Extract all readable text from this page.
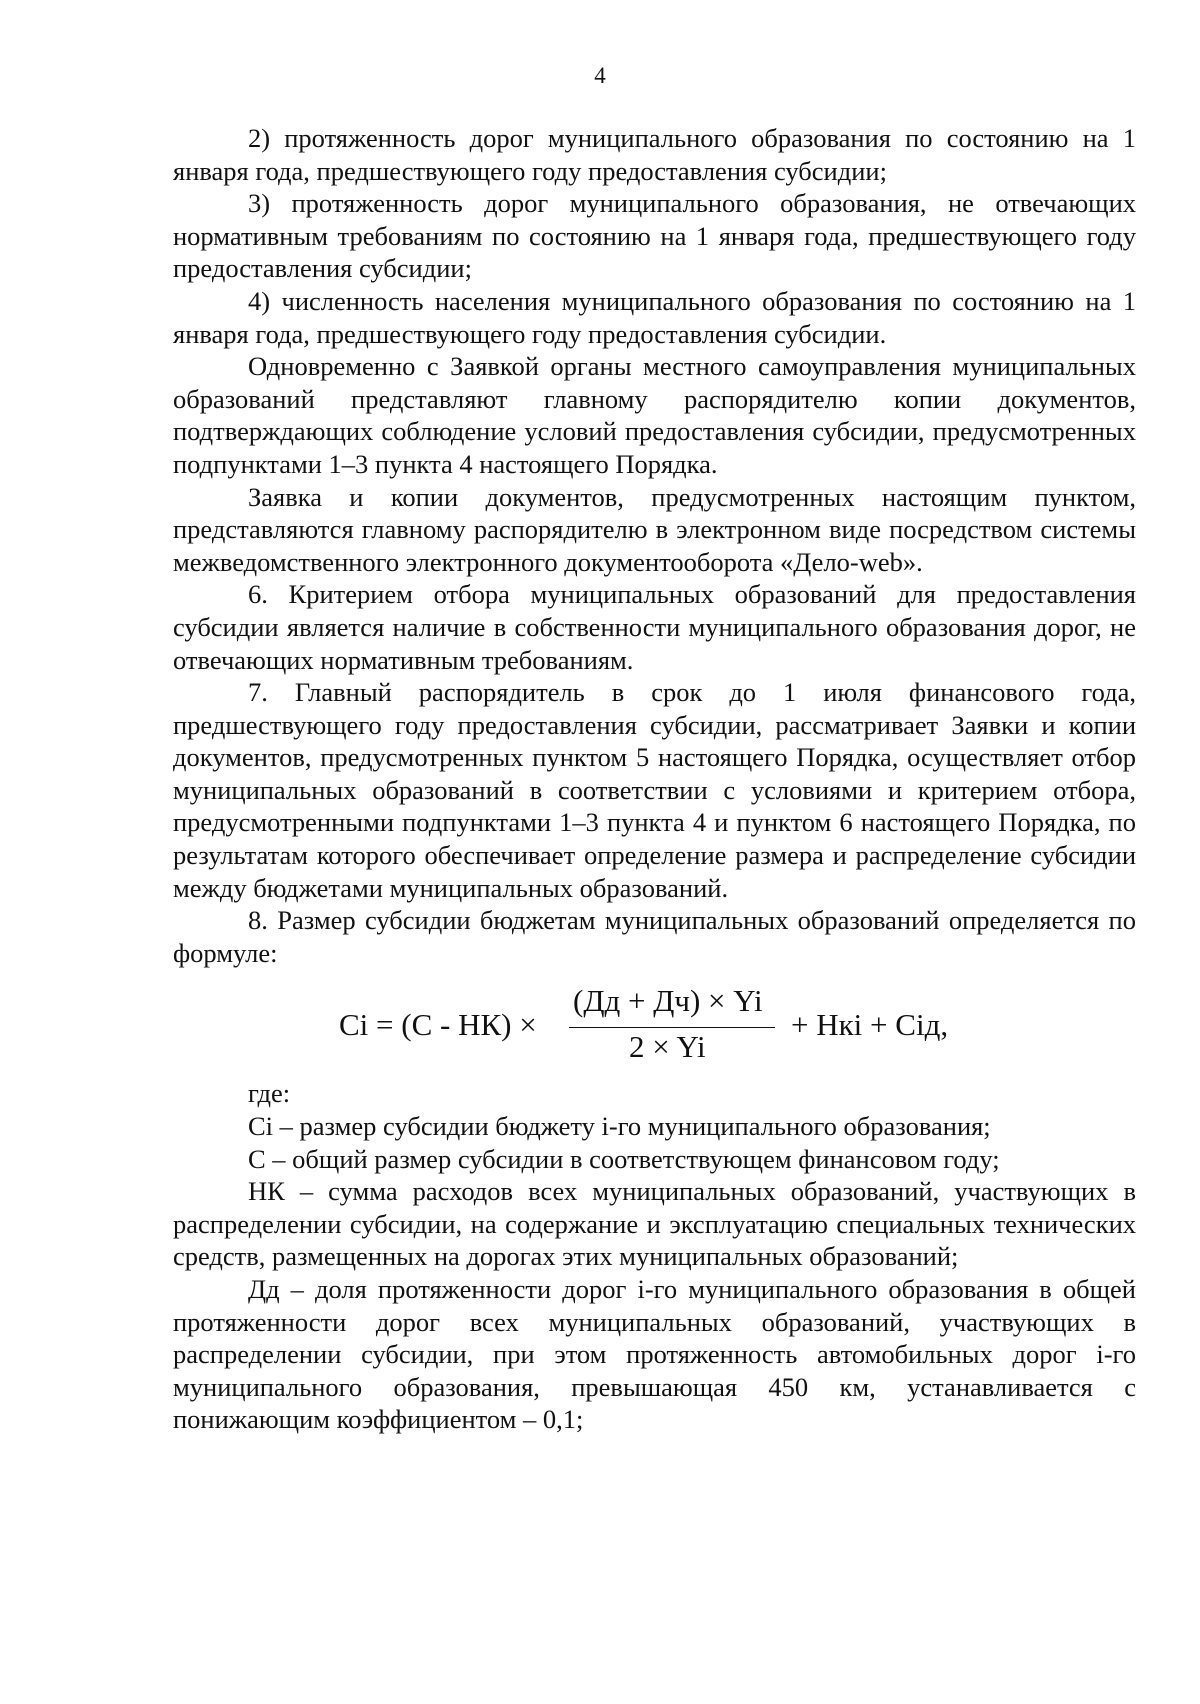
4

2) протяженность дорог муниципального образования по состоянию на 1 января года, предшествующего году предоставления субсидии;

3) протяженность дорог муниципального образования, не отвечающих нормативным требованиям по состоянию на 1 января года, предшествующего году предоставления субсидии;

4) численность населения муниципального образования по состоянию на 1 января года, предшествующего году предоставления субсидии.

Одновременно с Заявкой органы местного самоуправления муниципальных образований представляют главному распорядителю копии документов, подтверждающих соблюдение условий предоставления субсидии, предусмотренных подпунктами 1–3 пункта 4 настоящего Порядка.

Заявка и копии документов, предусмотренных настоящим пунктом, представляются главному распорядителю в электронном виде посредством системы межведомственного электронного документооборота «Дело-web».

6. Критерием отбора муниципальных образований для предоставления субсидии является наличие в собственности муниципального образования дорог, не отвечающих нормативным требованиям.

7. Главный распорядитель в срок до 1 июля финансового года, предшествующего году предоставления субсидии, рассматривает Заявки и копии документов, предусмотренных пунктом 5 настоящего Порядка, осуществляет отбор муниципальных образований в соответствии с условиями и критерием отбора, предусмотренными подпунктами 1–3 пункта 4 и пунктом 6 настоящего Порядка, по результатам которого обеспечивает определение размера и распределение субсидии между бюджетами муниципальных образований.

8. Размер субсидии бюджетам муниципальных образований определяется по формуле:

Сi = (С - НК) ×
(Дд + Дч) × Yi
2 × Yi
+ Нкi + Сiд,

где:

Сi – размер субсидии бюджету i-го муниципального образования;

С – общий размер субсидии в соответствующем финансовом году;

НК – сумма расходов всех муниципальных образований, участвующих в распределении субсидии, на содержание и эксплуатацию специальных технических средств, размещенных на дорогах этих муниципальных образований;

Дд – доля протяженности дорог i-го муниципального образования в общей протяженности дорог всех муниципальных образований, участвующих в распределении субсидии, при этом протяженность автомобильных дорог i-го муниципального образования, превышающая 450 км, устанавливается с понижающим коэффициентом – 0,1;
